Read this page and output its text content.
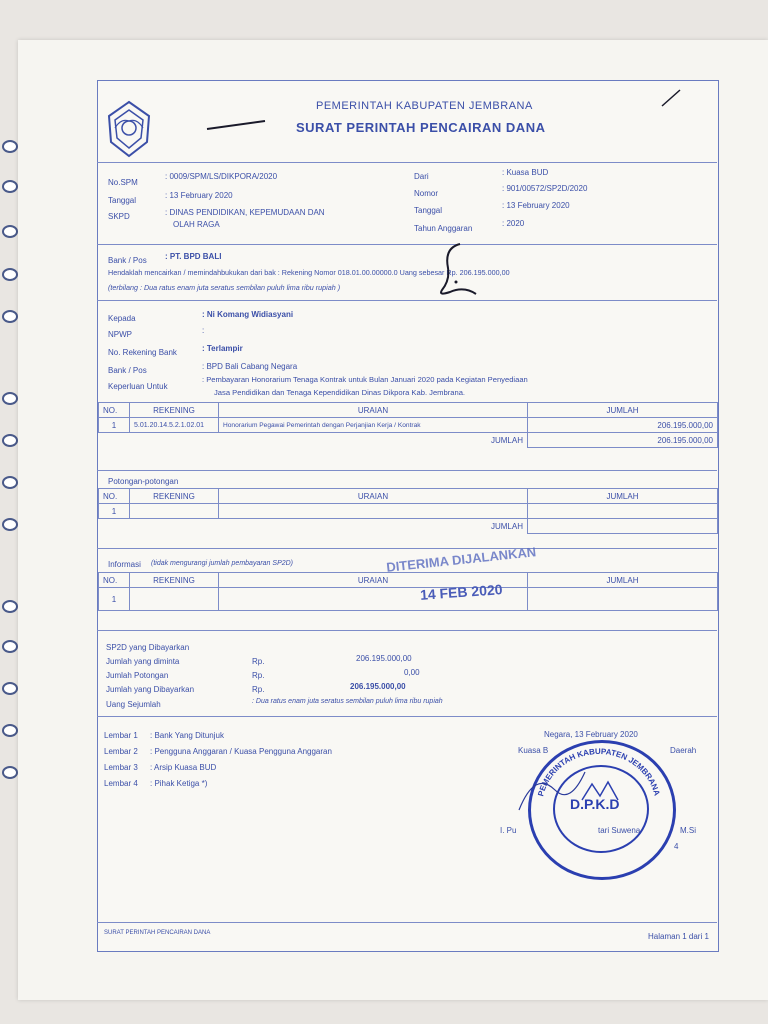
PEMERINTAH KABUPATEN JEMBRANA
SURAT PERINTAH PENCAIRAN DANA
No.SPM
: 0009/SPM/LS/DIKPORA/2020
Tanggal
: 13 February 2020
SKPD	: DINAS PENDIDIKAN, KEPEMUDAAN DAN
OLAH RAGA
Dari	: Kuasa BUD
Nomor
: 901/00572/SP2D/2020
Tanggal
: 13 February 2020
Tahun Anggaran
: 2020
Bank / Pos : PT. BPD BALI
Hendaklah mencairkan / memindahbukukan dari bak : Rekening Nomor 018.01.00.00000.0 Uang sebesar Rp. 206.195.000,00
(terbilang : Dua ratus enam juta seratus sembilan puluh lima ribu rupiah )
Kepada	: Ni Komang Widiasyani
NPWP	:
No. Rekening Bank	: Terlampir
Bank / Pos	: BPD Bali Cabang Negara
Keperluan Untuk
: Pembayaran Honorarium Tenaga Kontrak untuk Bulan Januari 2020 pada Kegiatan Penyediaan
Jasa Pendidikan dan Tenaga Kependidikan Dinas Dikpora Kab. Jembrana.
NO.	REKENING	URAIAN	JUMLAH
1	5.01.20.14.5.2.1.02.01	Honorarium Pegawai Pemerintah dengan Perjanjian Kerja / Kontrak	206.195.000,00
JUMLAH			206.195.000,00
Potongan-potongan
NO.	REKENING	URAIAN	JUMLAH
1			
JUMLAH			
Informasi (tidak mengurangi jumlah pembayaran SP2D)
NO.	REKENING	URAIAN	JUMLAH
1			
DITERIMA DIJALANKAN
14 FEB 2020
SP2D yang Dibayarkan
Jumlah yang diminta	Rp.	206.195.000,00
Jumlah Potongan	Rp.	0,00
Jumlah yang Dibayarkan	Rp.	206.195.000,00
Uang Sejumlah	: Dua ratus enam juta seratus sembilan puluh lima ribu rupiah
Lembar 1 : Bank Yang Ditunjuk
Lembar 2 : Pengguna Anggaran / Kuasa Pengguna Anggaran
Lembar 3 : Arsip Kuasa BUD
Lembar 4 : Pihak Ketiga *)
Negara, 13 February 2020
Kuasa B	Daerah
I. Pu	tari Suwena	M.Si
4
PEMERINTAH KABUPATEN JEMBRANA
D.P.K.D
SURAT PERINTAH PENCAIRAN DANA	Halaman 1 dari 1
